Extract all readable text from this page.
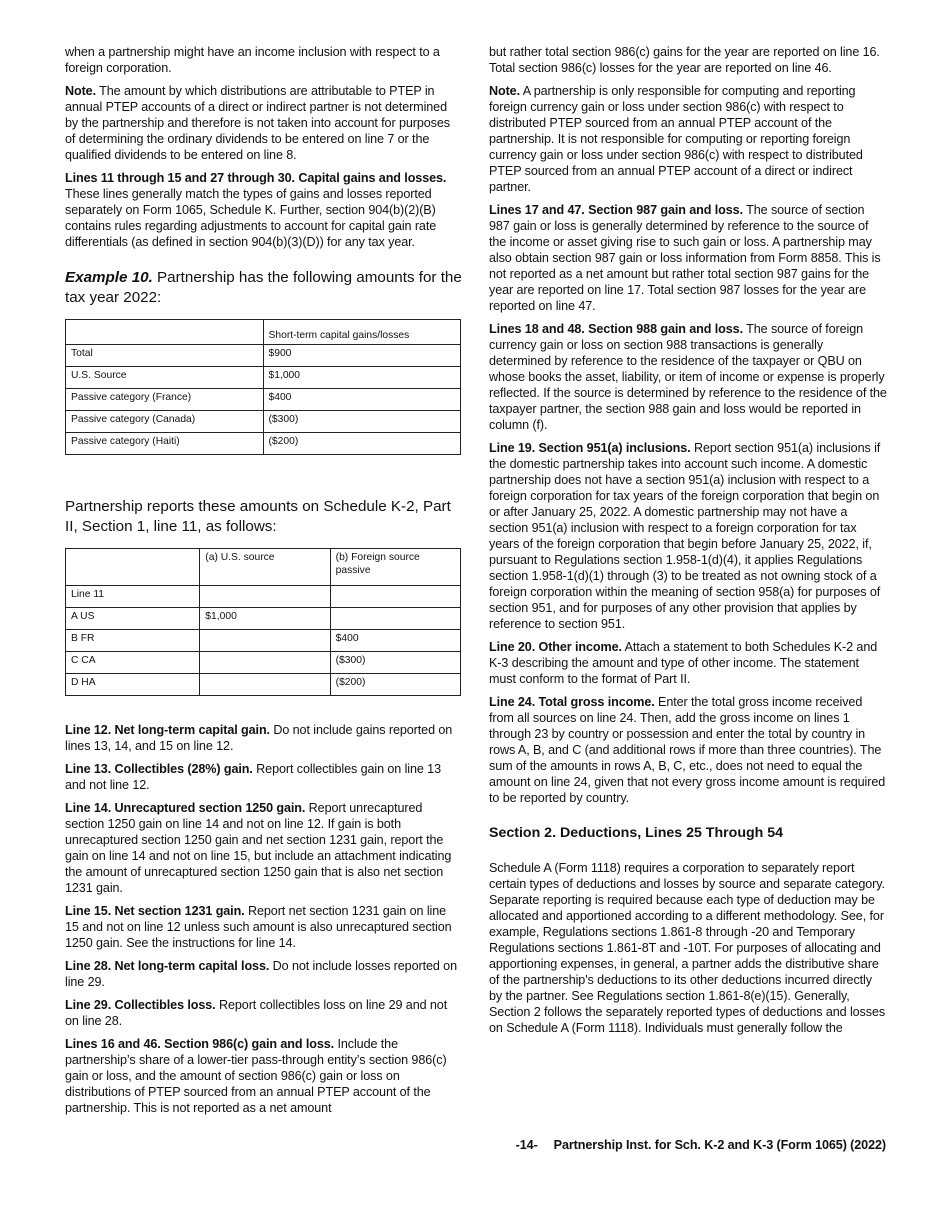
when a partnership might have an income inclusion with respect to a foreign corporation.

Note. The amount by which distributions are attributable to PTEP in annual PTEP accounts of a direct or indirect partner is not determined by the partnership and therefore is not taken into account for purposes of determining the ordinary dividends to be entered on line 7 or the qualified dividends to be entered on line 8.

Lines 11 through 15 and 27 through 30. Capital gains and losses. These lines generally match the types of gains and losses reported separately on Form 1065, Schedule K. Further, section 904(b)(2)(B) contains rules regarding adjustments to account for capital gain rate differentials (as defined in section 904(b)(3)(D)) for any tax year.

Example 10. Partnership has the following amounts for the tax year 2022:
	Short-term capital gains/losses
Total	$900
U.S. Source	$1,000
Passive category (France)	$400
Passive category (Canada)	($300)
Passive category (Haiti)	($200)
Partnership reports these amounts on Schedule K-2, Part II, Section 1, line 11, as follows:
	(a) U.S. source	(b) Foreign source passive
Line 11		
A US	$1,000	
B FR		$400
C CA		($300)
D HA		($200)

Line 12. Net long-term capital gain. Do not include gains reported on lines 13, 14, and 15 on line 12.

Line 13. Collectibles (28%) gain. Report collectibles gain on line 13 and not line 12.

Line 14. Unrecaptured section 1250 gain. Report unrecaptured section 1250 gain on line 14 and not on line 12. If gain is both unrecaptured section 1250 gain and net section 1231 gain, report the gain on line 14 and not on line 15, but include an attachment indicating the amount of unrecaptured section 1250 gain that is also net section 1231 gain.

Line 15. Net section 1231 gain. Report net section 1231 gain on line 15 and not on line 12 unless such amount is also unrecaptured section 1250 gain. See the instructions for line 14.

Line 28. Net long-term capital loss. Do not include losses reported on line 29.

Line 29. Collectibles loss. Report collectibles loss on line 29 and not on line 28.

Lines 16 and 46. Section 986(c) gain and loss. Include the partnership’s share of a lower-tier pass-through entity’s section 986(c) gain or loss, and the amount of section 986(c) gain or loss on distributions of PTEP sourced from an annual PTEP account of the partnership. This is not reported as a net amount

but rather total section 986(c) gains for the year are reported on line 16. Total section 986(c) losses for the year are reported on line 46.

Note. A partnership is only responsible for computing and reporting foreign currency gain or loss under section 986(c) with respect to distributed PTEP sourced from an annual PTEP account of the partnership. It is not responsible for computing or reporting foreign currency gain or loss under section 986(c) with respect to distributed PTEP sourced from an annual PTEP account of a direct or indirect partner.

Lines 17 and 47. Section 987 gain and loss. The source of section 987 gain or loss is generally determined by reference to the source of the income or asset giving rise to such gain or loss. A partnership may also obtain section 987 gain or loss information from Form 8858. This is not reported as a net amount but rather total section 987 gains for the year are reported on line 17. Total section 987 losses for the year are reported on line 47.

Lines 18 and 48. Section 988 gain and loss. The source of foreign currency gain or loss on section 988 transactions is generally determined by reference to the residence of the taxpayer or QBU on whose books the asset, liability, or item of income or expense is properly reflected. If the source is determined by reference to the residence of the taxpayer partner, the section 988 gain and loss would be reported in column (f).

Line 19. Section 951(a) inclusions. Report section 951(a) inclusions if the domestic partnership takes into account such income. A domestic partnership does not have a section 951(a) inclusion with respect to a foreign corporation for tax years of the foreign corporation that begin on or after January 25, 2022. A domestic partnership may not have a section 951(a) inclusion with respect to a foreign corporation for tax years of the foreign corporation that begin before January 25, 2022, if, pursuant to Regulations section 1.958-1(d)(4), it applies Regulations section 1.958-1(d)(1) through (3) to be treated as not owning stock of a foreign corporation within the meaning of section 958(a) for purposes of section 951, and for purposes of any other provision that applies by reference to section 951.

Line 20. Other income. Attach a statement to both Schedules K-2 and K-3 describing the amount and type of other income. The statement must conform to the format of Part II.

Line 24. Total gross income. Enter the total gross income received from all sources on line 24. Then, add the gross income on lines 1 through 23 by country or possession and enter the total by country in rows A, B, and C (and additional rows if more than three countries). The sum of the amounts in rows A, B, C, etc., does not need to equal the amount on line 24, given that not every gross income amount is required to be reported by country.

Section 2. Deductions, Lines 25 Through 54

Schedule A (Form 1118) requires a corporation to separately report certain types of deductions and losses by source and separate category. Separate reporting is required because each type of deduction may be allocated and apportioned according to a different methodology. See, for example, Regulations sections 1.861-8 through -20 and Temporary Regulations sections 1.861-8T and -10T. For purposes of allocating and apportioning expenses, in general, a partner adds the distributive share of the partnership's deductions to its other deductions incurred directly by the partner. See Regulations section 1.861-8(e)(15). Generally, Section 2 follows the separately reported types of deductions and losses on Schedule A (Form 1118). Individuals must generally follow the

-14- Partnership Inst. for Sch. K-2 and K-3 (Form 1065) (2022)
